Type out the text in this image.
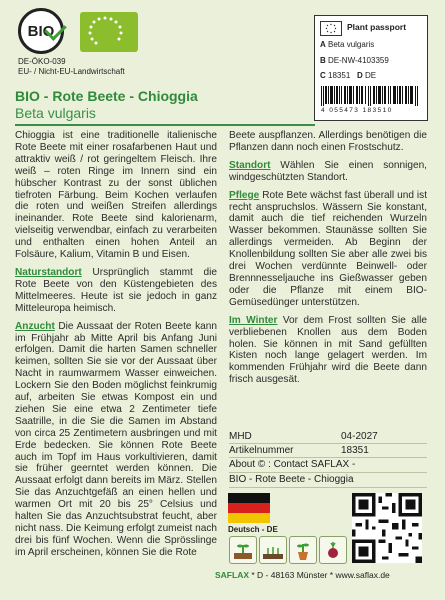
BIO
DE-ÖKO-039
EU- / Nicht-EU-Landwirtschaft
Plant passport
A Beta vulgaris
B DE-NW-4103359
C 18351 D DE
4 055473 183510
BIO - Rote Beete - Chioggia
Beta vulgaris

Chioggia ist eine traditionelle italienische Rote Beete mit einer rosafarbenen Haut und attraktiv weiß / rot geringeltem Fleisch. Ihre weiß – roten Ringe im Innern sind ein hübscher Kontrast zu der sonst üblichen tiefroten Färbung. Beim Kochen verlaufen die roten und weißen Streifen allerdings ineinander. Rote Beete sind kalorienarm, vielseitig verwendbar, einfach zu verarbeiten und enthalten einen hohen Anteil an Folsäure, Kalium, Vitamin B und Eisen.

Naturstandort Ursprünglich stammt die Rote Beete von den Küstengebieten des Mittelmeeres. Heute ist sie jedoch in ganz Mitteleuropa heimisch.

Anzucht Die Aussaat der Roten Beete kann im Frühjahr ab Mitte April bis Anfang Juni erfolgen. Damit die harten Samen schneller keimen, sollten Sie sie vor der Aussaat über Nacht in raumwarmem Wasser einweichen. Lockern Sie den Boden möglichst feinkrumig auf, arbeiten Sie etwas Kompost ein und ziehen Sie eine etwa 2 Zentimeter tiefe Saatrille, in die Sie die Samen im Abstand von circa 25 Zentimetern ausbringen und mit Erde bedecken. Sie können Rote Beete auch im Topf im Haus vorkultivieren, damit sie früher geerntet werden können. Die Aussaat erfolgt dann bereits im März. Stellen Sie das Anzuchtgefäß an einen hellen und warmen Ort mit 20 bis 25° Celsius und halten Sie das Anzuchtsubstrat feucht, aber nicht nass. Die Keimung erfolgt zumeist nach drei bis fünf Wochen. Wenn die Sprösslinge im April erscheinen, können Sie die Rote

Beete auspflanzen. Allerdings benötigen die Pflanzen dann noch einen Frostschutz.

Standort Wählen Sie einen sonnigen, windgeschützten Standort.

Pflege Rote Bete wächst fast überall und ist recht anspruchslos. Wässern Sie konstant, damit auch die tief reichenden Wurzeln Wasser bekommen. Staunässe sollten Sie allerdings vermeiden. Ab Beginn der Knollenbildung sollten Sie aber alle zwei bis drei Wochen verdünnte Beinwell- oder Brennnesseljauche ins Gießwasser geben oder die Pflanze mit einem BIO-Gemüsedünger unterstützen.

Im Winter Vor dem Frost sollten Sie alle verbliebenen Knollen aus dem Boden holen. Sie können in mit Sand gefüllten Kisten noch lange gelagert werden. Im kommenden Frühjahr wird die Beete dann frisch ausgesät.

MHD	04-2027
Artikelnummer	18351
About © : Contact SAFLAX -
BIO - Rote Beete - Chioggia
Deutsch - DE
SAFLAX * D - 48163 Münster * www.saflax.de
